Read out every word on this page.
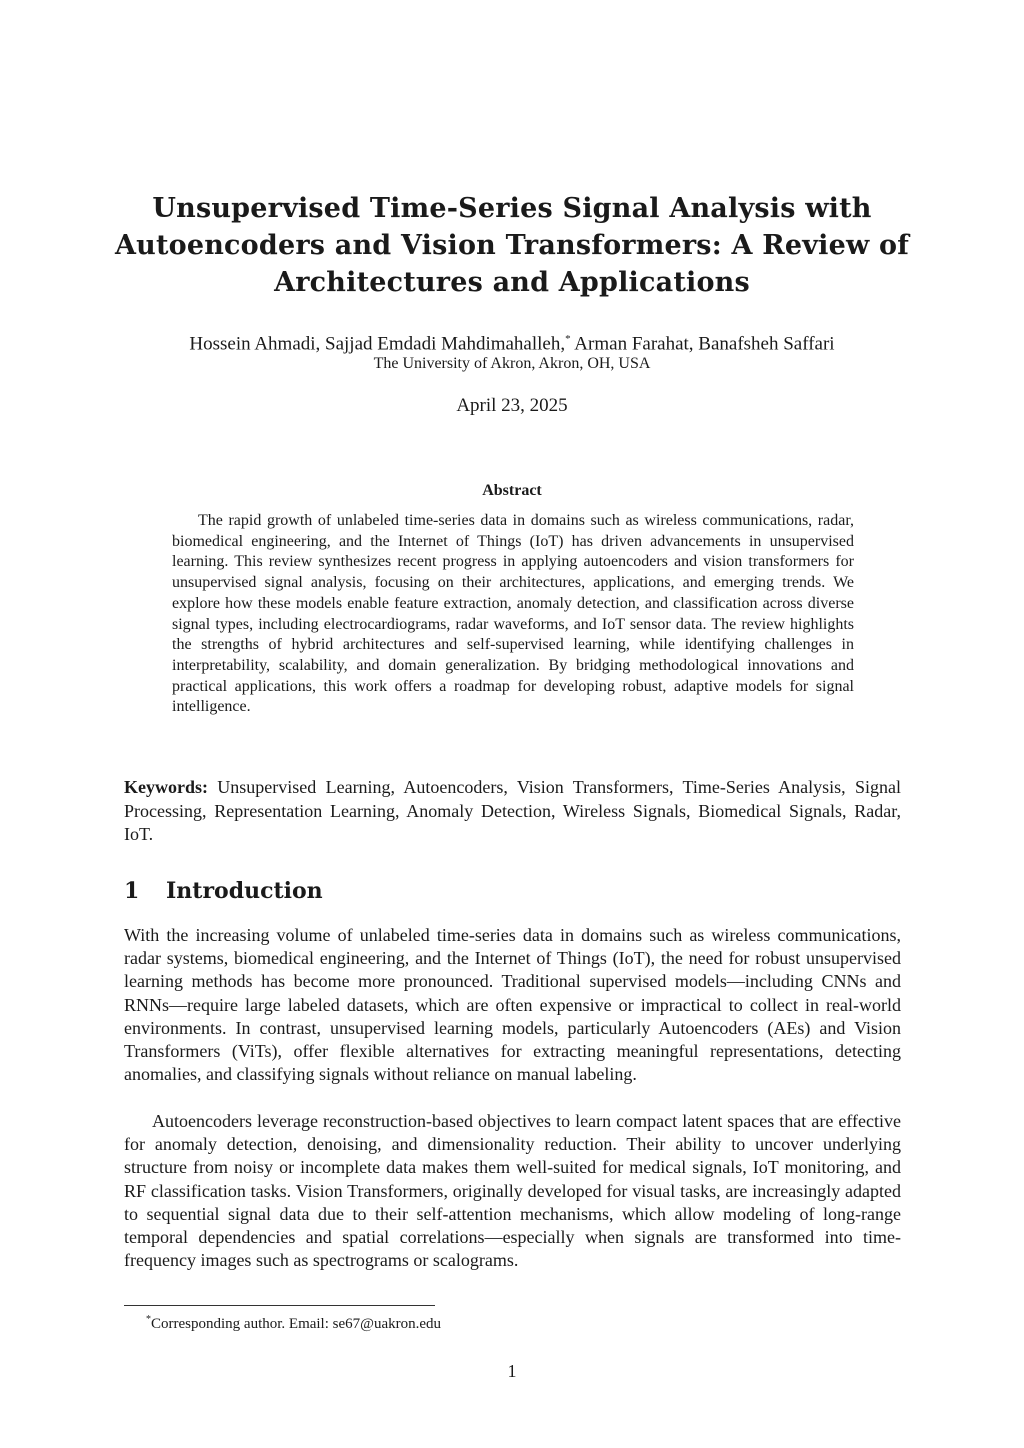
Unsupervised Time-Series Signal Analysis with
Autoencoders and Vision Transformers: A Review of
Architectures and Applications
Hossein Ahmadi, Sajjad Emdadi Mahdimahalleh,* Arman Farahat, Banafsheh Saffari
The University of Akron, Akron, OH, USA
April 23, 2025
Abstract
The rapid growth of unlabeled time-series data in domains such as wireless communications, radar, biomedical engineering, and the Internet of Things (IoT) has driven advancements in unsupervised learning. This review synthesizes recent progress in applying autoencoders and vision transformers for unsupervised signal analysis, focusing on their architectures, applications, and emerging trends. We explore how these models enable feature extraction, anomaly detection, and classification across diverse signal types, including electrocardiograms, radar waveforms, and IoT sensor data. The review highlights the strengths of hybrid architectures and self-supervised learning, while identifying challenges in interpretability, scalability, and domain generalization. By bridging methodological innovations and practical applications, this work offers a roadmap for developing robust, adaptive models for signal intelligence.
Keywords: Unsupervised Learning, Autoencoders, Vision Transformers, Time-Series Analysis, Signal Processing, Representation Learning, Anomaly Detection, Wireless Signals, Biomedical Signals, Radar, IoT.
1 Introduction
With the increasing volume of unlabeled time-series data in domains such as wireless communications, radar systems, biomedical engineering, and the Internet of Things (IoT), the need for robust unsupervised learning methods has become more pronounced. Traditional supervised models—including CNNs and RNNs—require large labeled datasets, which are often expensive or impractical to collect in real-world environments. In contrast, unsupervised learning models, particularly Autoencoders (AEs) and Vision Transformers (ViTs), offer flexible alternatives for extracting meaningful representations, detecting anomalies, and classifying signals without reliance on manual labeling.
Autoencoders leverage reconstruction-based objectives to learn compact latent spaces that are effective for anomaly detection, denoising, and dimensionality reduction. Their ability to uncover underlying structure from noisy or incomplete data makes them well-suited for medical signals, IoT monitoring, and RF classification tasks. Vision Transformers, originally developed for visual tasks, are increasingly adapted to sequential signal data due to their self-attention mechanisms, which allow modeling of long-range temporal dependencies and spatial correlations—especially when signals are transformed into time-frequency images such as spectrograms or scalograms.
*Corresponding author. Email: se67@uakron.edu
1
